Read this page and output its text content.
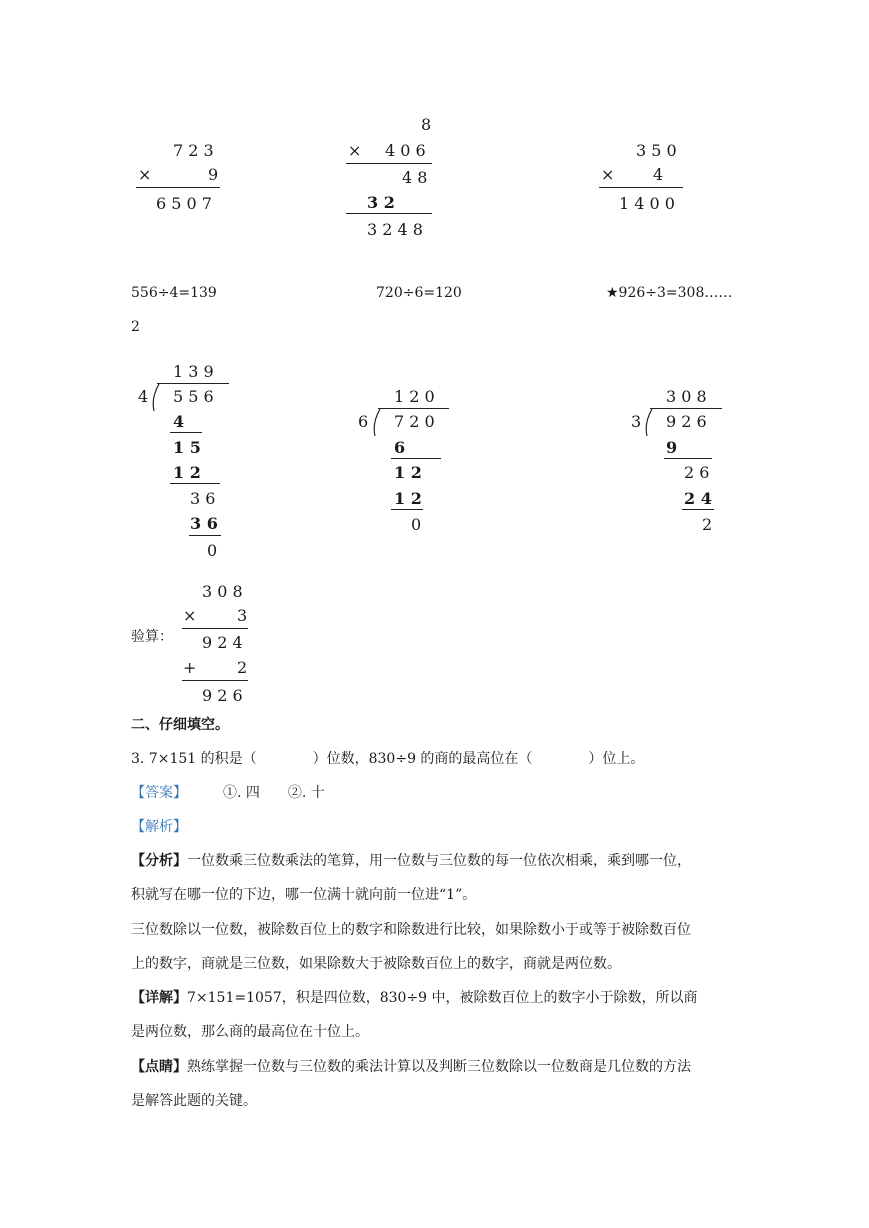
7 2 3
×	9
6 5 0 7
8
× 4 0 6
4 8
3 2
3 2 4 8
3 5 0
× 4
1 4 0 0
556÷4=139	720÷6=120	★926÷3=308……
2
1 3 9
4 5 5 6
4
1 5
1 2
3 6
3 6
0
1 2 0
6 7 2 0
6
1 2
1 2
0
3 0 8
3 9 2 6
9
2 6
2 4
2
3 0 8
×	3
验算： 9 2 4
+	2
9 2 6
二、仔细填空。
3. 7×151 的积是（　　　　）位数，830÷9 的商的最高位在（　　　　）位上。
【答案】	①. 四　　②. 十
【解析】
【分析】一位数乘三位数乘法的笔算，用一位数与三位数的每一位依次相乘，乘到哪一位，
积就写在哪一位的下边，哪一位满十就向前一位进“1”。
三位数除以一位数，被除数百位上的数字和除数进行比较，如果除数小于或等于被除数百位
上的数字，商就是三位数，如果除数大于被除数百位上的数字，商就是两位数。
【详解】7×151=1057，积是四位数，830÷9 中，被除数百位上的数字小于除数，所以商
是两位数，那么商的最高位在十位上。
【点睛】熟练掌握一位数与三位数的乘法计算以及判断三位数除以一位数商是几位数的方法
是解答此题的关键。
